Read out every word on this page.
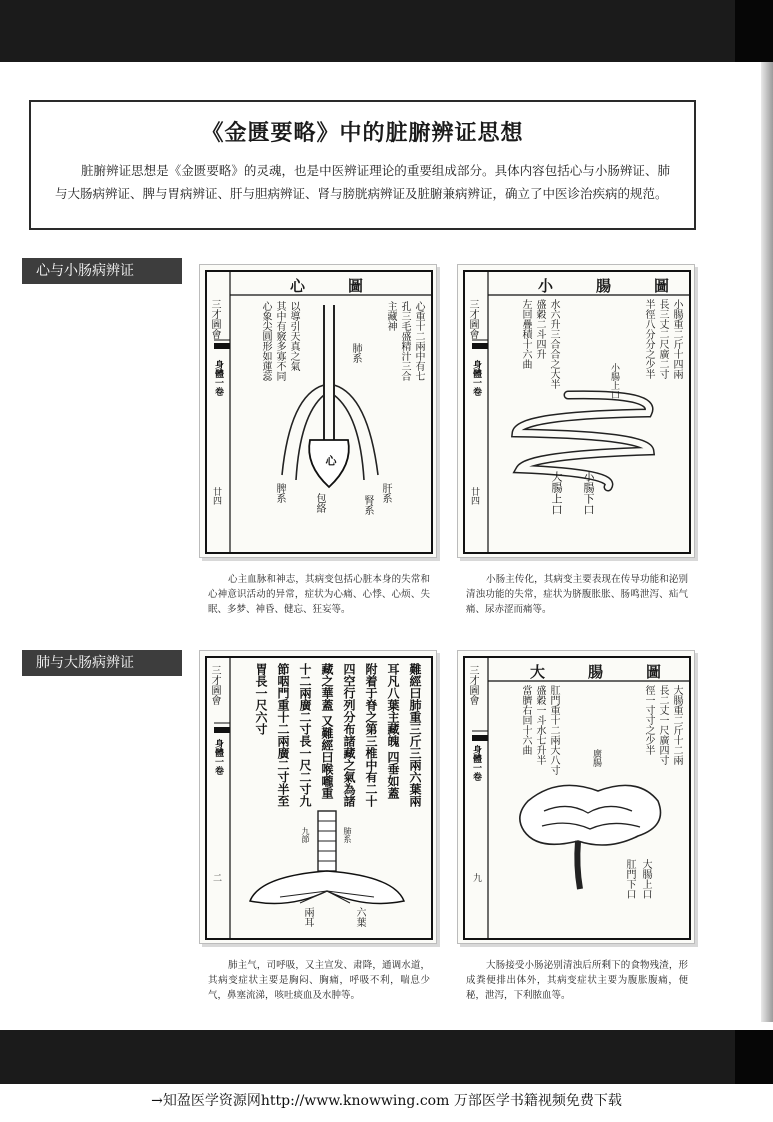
《金匮要略》中的脏腑辨证思想
脏腑辨证思想是《金匮要略》的灵魂，也是中医辨证理论的重要组成部分。具体内容包括心与小肠辨证、肺与大肠病辨证、脾与胃病辨证、肝与胆病辨证、肾与膀胱病辨证及脏腑兼病辨证，确立了中医诊治疾病的规范。
心与小肠病辨证
肺与大肠病辨证
三才圖會
身體一卷
廿四
心　圖
心重十二兩中有七
孔三毛盛精汁三合
主藏神
心象尖圓形如蓮蕊 其中有竅多寡不同 以導引天真之氣	肺系
肝系
脾系
腎系
心
包絡
三才圖會
身體一卷
廿四
小　腸　圖
小腸重二斤十四兩
長三丈二尺廣二寸
半徑八分分之少半
左回疊積十六曲 盛穀二斗四升 水六升三合合之大半
小腸下口
大腸上口
小腸上口
心主血脉和神志，其病变包括心脏本身的失常和心神意识活动的异常，症状为心痛、心悸、心烦、失眠、多梦、神昏、健忘、狂妄等。
小肠主传化，其病变主要表现在传导功能和泌别清浊功能的失常，症状为脐腹胀胀、肠鸣泄泻、疝气痛、尿赤涩而痛等。
三才圖會
身體一卷
二
難經曰肺重三斤三兩六葉兩
耳凡八葉主藏魄 四垂如蓋
附着于脊之第三椎中有二十
四空行列分布諸藏之氣為諸
藏之華蓋 又難經曰喉嚨重
十二兩廣二寸長一尺二寸九
節咽門重十二兩廣二寸半至
胃長一尺六寸
兩耳	六葉
九節	肺系
三才圖會
身體一卷
九
大　腸　圖
大腸重二斤十二兩
長二丈一尺廣四寸
徑一寸寸之少半
當臍右回十六曲 盛穀一斗水七升半 肛門重十二兩大八寸
大腸上口
肛門下口
廣腸
肺主气，司呼吸，又主宣发、肃降，通调水道，其病变症状主要是胸闷、胸痛，呼吸不利，喘息少气，鼻塞流涕，咳吐痰血及水肿等。
大肠接受小肠泌别清浊后所剩下的食物残渣，形成粪便排出体外，其病变症状主要为腹胀腹痛，便秘，泄泻，下利脓血等。
→知盈医学资源网http://www.knowwing.com 万部医学书籍视频免费下载
